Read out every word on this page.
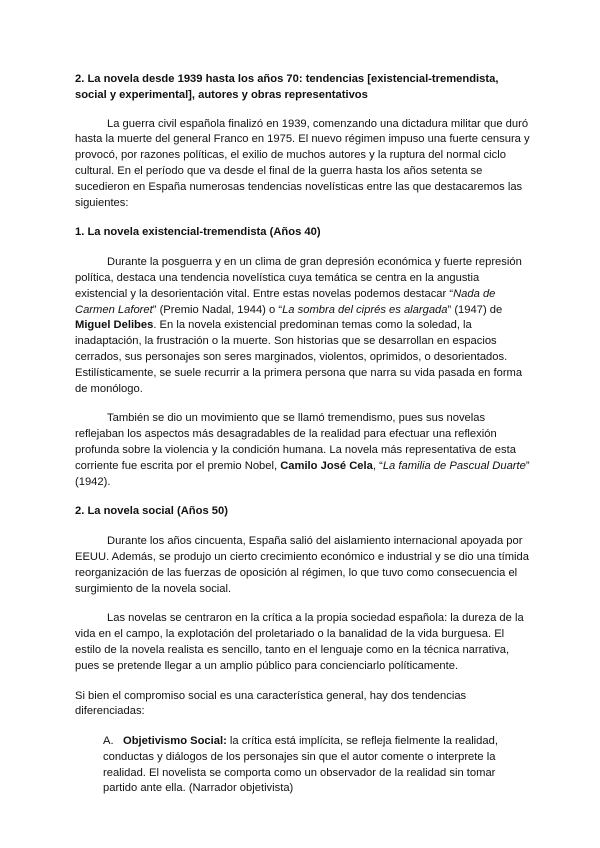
2. La novela desde 1939 hasta los años 70: tendencias [existencial-tremendista, social y experimental], autores y obras representativos

La guerra civil española finalizó en 1939, comenzando una dictadura militar que duró hasta la muerte del general Franco en 1975. El nuevo régimen impuso una fuerte censura y provocó, por razones políticas, el exilio de muchos autores y la ruptura del normal ciclo cultural. En el período que va desde el final de la guerra hasta los años setenta se sucedieron en España numerosas tendencias novelísticas entre las que destacaremos las siguientes:

1. La novela existencial-tremendista (Años 40)

Durante la posguerra y en un clima de gran depresión económica y fuerte represión política, destaca una tendencia novelística cuya temática se centra en la angustia existencial y la desorientación vital. Entre estas novelas podemos destacar “Nada de Carmen Laforet” (Premio Nadal, 1944) o “La sombra del ciprés es alargada” (1947) de Miguel Delibes. En la novela existencial predominan temas como la soledad, la inadaptación, la frustración o la muerte. Son historias que se desarrollan en espacios cerrados, sus personajes son seres marginados, violentos, oprimidos, o desorientados. Estilísticamente, se suele recurrir a la primera persona que narra su vida pasada en forma de monólogo.

También se dio un movimiento que se llamó tremendismo, pues sus novelas reflejaban los aspectos más desagradables de la realidad para efectuar una reflexión profunda sobre la violencia y la condición humana. La novela más representativa de esta corriente fue escrita por el premio Nobel, Camilo José Cela, “La familia de Pascual Duarte” (1942).

2. La novela social (Años 50)

Durante los años cincuenta, España salió del aislamiento internacional apoyada por EEUU. Además, se produjo un cierto crecimiento económico e industrial y se dio una tímida reorganización de las fuerzas de oposición al régimen, lo que tuvo como consecuencia el surgimiento de la novela social.

Las novelas se centraron en la crítica a la propia sociedad española: la dureza de la vida en el campo, la explotación del proletariado o la banalidad de la vida burguesa. El estilo de la novela realista es sencillo, tanto en el lenguaje como en la técnica narrativa, pues se pretende llegar a un amplio público para concienciarlo políticamente.

Si bien el compromiso social es una característica general, hay dos tendencias diferenciadas:

A. Objetivismo Social: la crítica está implícita, se refleja fielmente la realidad, conductas y diálogos de los personajes sin que el autor comente o interprete la realidad. El novelista se comporta como un observador de la realidad sin tomar partido ante ella. (Narrador objetivista)
